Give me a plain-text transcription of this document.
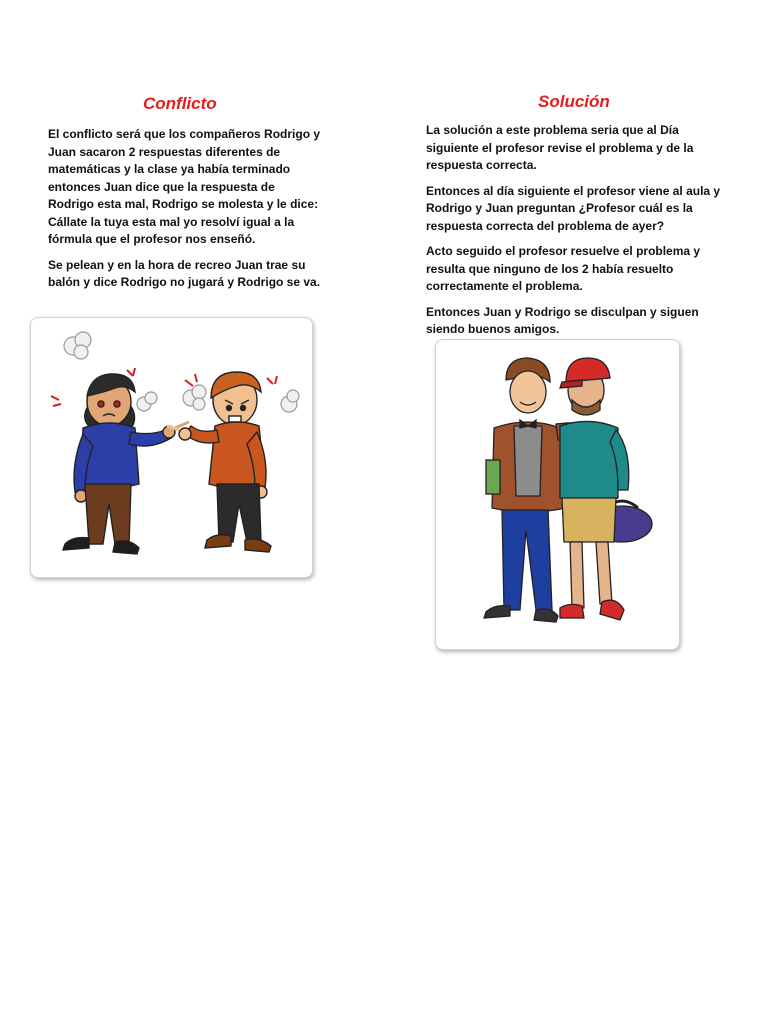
Conflicto

El conflicto será que los compañeros Rodrigo y Juan sacaron 2 respuestas diferentes de matemáticas y la clase ya había terminado entonces Juan dice que la respuesta de Rodrigo esta mal, Rodrigo se molesta y le dice: Cállate la tuya esta mal yo resolví igual a la fórmula que el profesor nos enseñó.

Se pelean y en la hora de recreo Juan trae su balón y dice Rodrigo no jugará y Rodrigo se va.

Solución

La solución a este problema seria que al Día siguiente el profesor revise el problema y de la respuesta correcta.

Entonces al día siguiente el profesor viene al aula y Rodrigo y Juan preguntan ¿Profesor cuál es la respuesta correcta del problema de ayer?

Acto seguido el profesor resuelve el problema y resulta que ninguno de los 2 había resuelto correctamente el problema.

Entonces Juan y Rodrigo se disculpan y siguen siendo buenos amigos.
